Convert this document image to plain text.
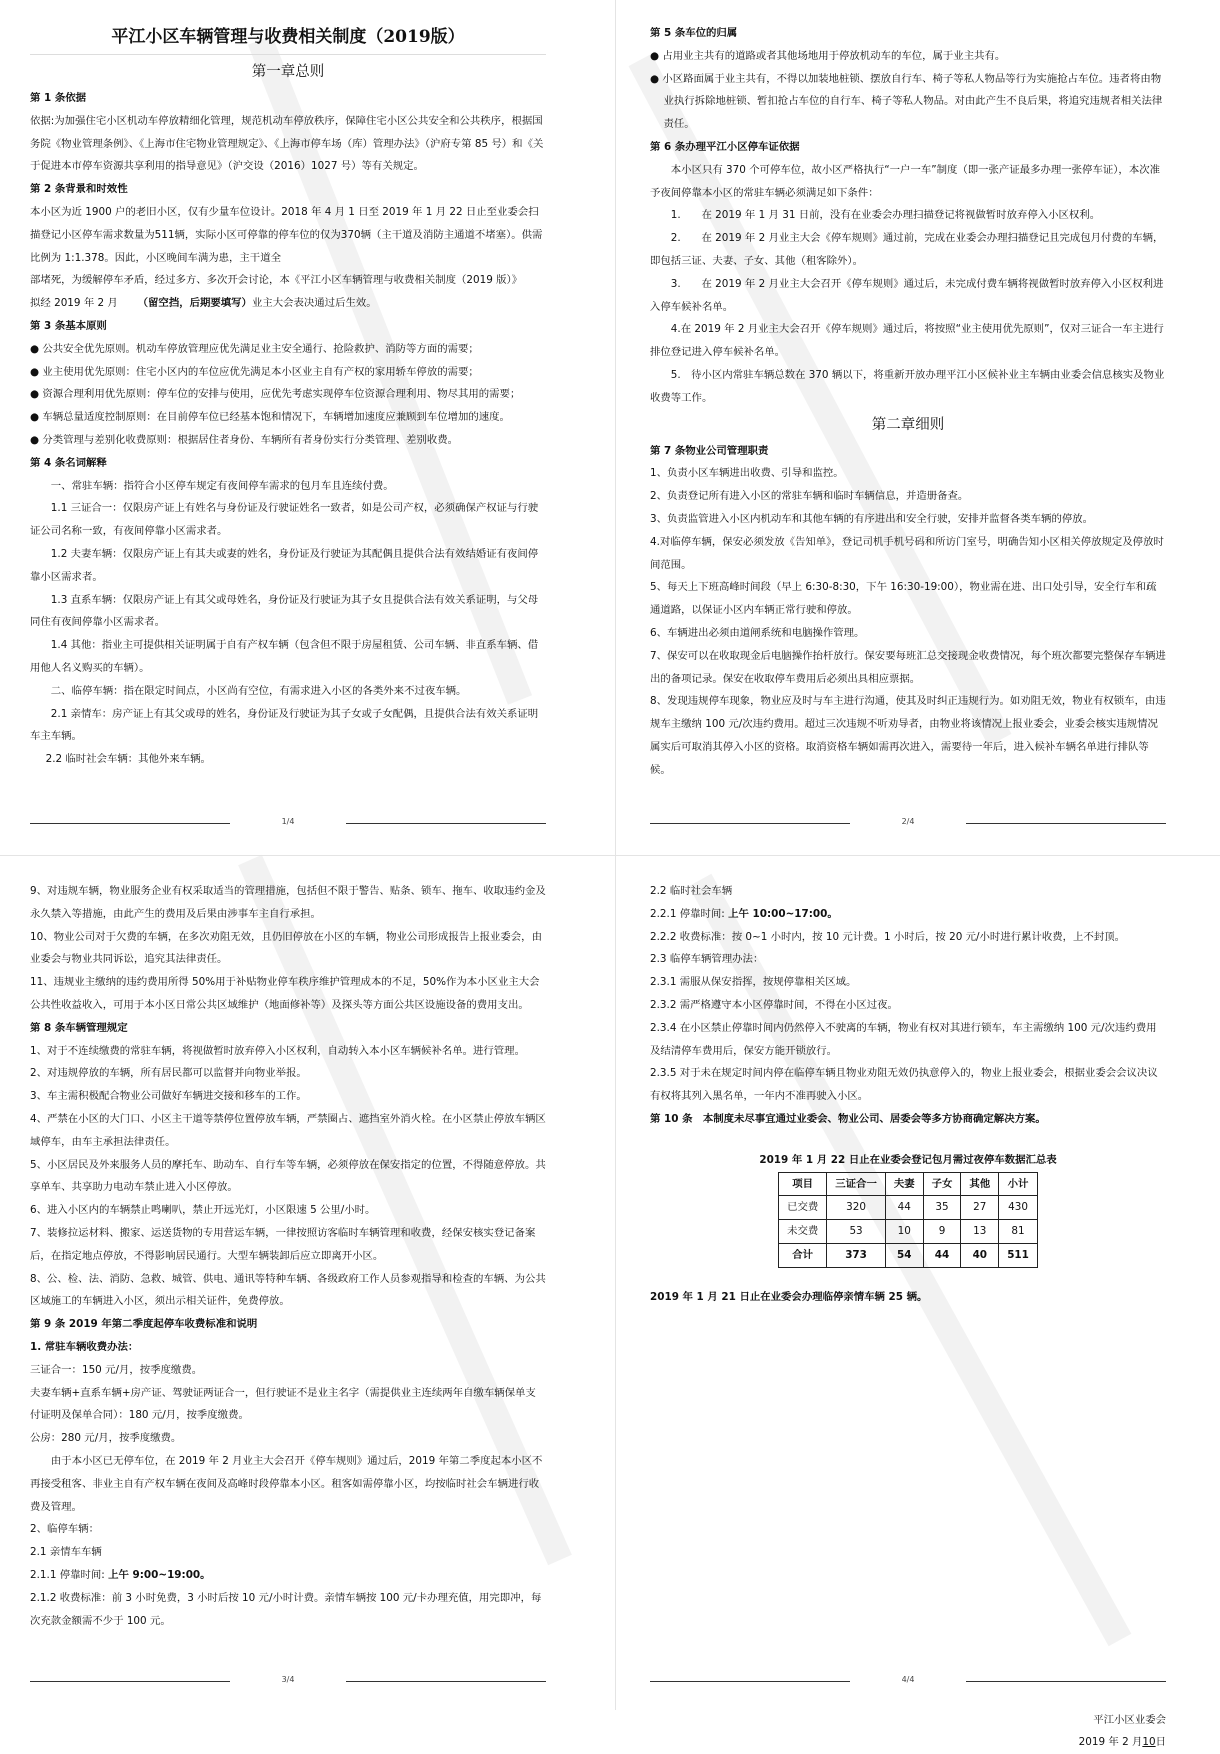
平江小区车辆管理与收费相关制度（2019版）
第一章总则
第 1 条依据
依据:为加强住宅小区机动车停放精细化管理，规范机动车停放秩序，保障住宅小区公共安全和公共秩序，根据国务院《物业管理条例》、《上海市住宅物业管理规定》、《上海市停车场（库）管理办法》（沪府专第 85 号）和《关于促进本市停车资源共享利用的指导意见》（沪交设（2016）1027 号）等有关规定。
第 2 条背景和时效性
本小区为近 1900 户的老旧小区，仅有少量车位设计。2018 年 4 月 1 日至 2019 年 1 月 22 日止至业委会扫描登记小区停车需求数量为511辆，实际小区可停靠的停车位的仅为370辆（主干道及消防主通道不堵塞）。供需比例为 1:1.378。因此，小区晚间车满为患，主干道全
部堵死，为缓解停车矛盾，经过多方、多次开会讨论，本《平江小区车辆管理与收费相关制度（2019 版）》
拟经 2019 年 2 月 （留空挡，后期要填写）业主大会表决通过后生效。
第 3 条基本原则
● 公共安全优先原则。机动车停放管理应优先满足业主安全通行、抢险救护、消防等方面的需要；
● 业主使用优先原则：住宅小区内的车位应优先满足本小区业主自有产权的家用轿车停放的需要；
● 资源合理利用优先原则：停车位的安排与使用，应优先考虑实现停车位资源合理利用、物尽其用的需要；
● 车辆总量适度控制原则：在目前停车位已经基本饱和情况下，车辆增加速度应兼顾到车位增加的速度。
● 分类管理与差别化收费原则：根据居住者身份、车辆所有者身份实行分类管理、差别收费。
第 4 条名词解释
一、常驻车辆：指符合小区停车规定有夜间停车需求的包月车且连续付费。
1.1 三证合一：仅限房产证上有姓名与身份证及行驶证姓名一致者，如是公司产权，必须确保产权证与行驶证公司名称一致，有夜间停靠小区需求者。
1.2 夫妻车辆：仅限房产证上有其夫或妻的姓名，身份证及行驶证为其配偶且提供合法有效结婚证有夜间停靠小区需求者。
1.3 直系车辆：仅限房产证上有其父或母姓名，身份证及行驶证为其子女且提供合法有效关系证明，与父母同住有夜间停靠小区需求者。
1.4 其他：指业主可提供相关证明属于自有产权车辆（包含但不限于房屋租赁、公司车辆、非直系车辆、借用他人名义购买的车辆）。
二、临停车辆：指在限定时间点，小区尚有空位，有需求进入小区的各类外来不过夜车辆。
2.1 亲情车：房产证上有其父或母的姓名，身份证及行驶证为其子女或子女配偶，且提供合法有效关系证明车主车辆。
2.2 临时社会车辆：其他外来车辆。
1/4
第 5 条车位的归属
● 占用业主共有的道路或者其他场地用于停放机动车的车位，属于业主共有。
● 小区路面属于业主共有，不得以加装地桩锁、摆放自行车、椅子等私人物品等行为实施抢占车位。违者将由物业执行拆除地桩锁、暂扣抢占车位的自行车、椅子等私人物品。对由此产生不良后果，将追究违规者相关法律责任。
第 6 条办理平江小区停车证依据
本小区只有 370 个可停车位，故小区严格执行“一户一车”制度（即一张产证最多办理一张停车证），本次准予夜间停靠本小区的常驻车辆必须满足如下条件：
1.　　在 2019 年 1 月 31 日前，没有在业委会办理扫描登记将视做暂时放弃停入小区权利。
2.　　在 2019 年 2 月业主大会《停车规则》通过前，完成在业委会办理扫描登记且完成包月付费的车辆，即包括三证、夫妻、子女、其他（租客除外）。
3.　　在 2019 年 2 月业主大会召开《停车规则》通过后，未完成付费车辆将视做暂时放弃停入小区权利进入停车候补名单。
4.在 2019 年 2 月业主大会召开《停车规则》通过后，将按照“业主使用优先原则”，仅对三证合一车主进行排位登记进入停车候补名单。
5.　待小区内常驻车辆总数在 370 辆以下，将重新开放办理平江小区候补业主车辆由业委会信息核实及物业收费等工作。
第二章细则
第 7 条物业公司管理职责
1、负责小区车辆进出收费、引导和监控。
2、负责登记所有进入小区的常驻车辆和临时车辆信息，并造册备查。
3、负责监管进入小区内机动车和其他车辆的有序进出和安全行驶，安排并监督各类车辆的停放。
4.对临停车辆，保安必须发放《告知单》，登记司机手机号码和所访门室号，明确告知小区相关停放规定及停放时间范围。
5、每天上下班高峰时间段（早上 6:30-8:30，下午 16:30-19:00），物业需在进、出口处引导，安全行车和疏通道路，以保证小区内车辆正常行驶和停放。
6、车辆进出必须由道闸系统和电脑操作管理。
7、保安可以在收取现金后电脑操作抬杆放行。保安要每班汇总交接现金收费情况，每个班次都要完整保存车辆进出的备项记录。保安在收取停车费用后必须出具相应票据。
8、发现违规停车现象，物业应及时与车主进行沟通，使其及时纠正违规行为。如劝阻无效，物业有权锁车，由违规车主缴纳 100 元/次违约费用。超过三次违规不听劝导者，由物业将该情况上报业委会，业委会核实违规情况属实后可取消其停入小区的资格。取消资格车辆如需再次进入，需要待一年后，进入候补车辆名单进行排队等候。
2/4
9、对违规车辆，物业服务企业有权采取适当的管理措施，包括但不限于警告、贴条、锁车、拖车、收取违约金及永久禁入等措施，由此产生的费用及后果由涉事车主自行承担。
10、物业公司对于欠费的车辆，在多次劝阻无效，且仍旧停放在小区的车辆，物业公司形成报告上报业委会，由业委会与物业共同诉讼，追究其法律责任。
11、违规业主缴纳的违约费用所得 50%用于补贴物业停车秩序维护管理成本的不足，50%作为本小区业主大会公共性收益收入，可用于本小区日常公共区域维护（地面修补等）及探头等方面公共区设施设备的费用支出。
第 8 条车辆管理规定
1、对于不连续缴费的常驻车辆，将视做暂时放弃停入小区权利，自动转入本小区车辆候补名单。进行管理。
2、对违规停放的车辆，所有居民都可以监督并向物业举报。
3、车主需积极配合物业公司做好车辆进交接和移车的工作。
4、严禁在小区的大门口、小区主干道等禁停位置停放车辆，严禁圈占、遮挡室外消火栓。在小区禁止停放车辆区域停车，由车主承担法律责任。
5、小区居民及外来服务人员的摩托车、助动车、自行车等车辆，必须停放在保安指定的位置，不得随意停放。共享单车、共享助力电动车禁止进入小区停放。
6、进入小区内的车辆禁止鸣喇叭，禁止开远光灯，小区限速 5 公里/小时。
7、装修拉运材料、搬家、运送货物的专用营运车辆，一律按照访客临时车辆管理和收费，经保安核实登记备案后，在指定地点停放，不得影响居民通行。大型车辆装卸后应立即离开小区。
8、公、检、法、消防、急救、城管、供电、通讯等特种车辆、各级政府工作人员参观指导和检查的车辆、为公共区域施工的车辆进入小区，须出示相关证件，免费停放。
第 9 条 2019 年第二季度起停车收费标准和说明
1. 常驻车辆收费办法：
三证合一：150 元/月，按季度缴费。
夫妻车辆+直系车辆+房产证、驾驶证两证合一，但行驶证不是业主名字（需提供业主连续两年自缴车辆保单支付证明及保单合同）：180 元/月，按季度缴费。
公房：280 元/月，按季度缴费。
由于本小区已无停车位，在 2019 年 2 月业主大会召开《停车规则》通过后，2019 年第二季度起本小区不再接受租客、非业主自有产权车辆在夜间及高峰时段停靠本小区。租客如需停靠小区，均按临时社会车辆进行收费及管理。
2、临停车辆：
2.1 亲情车车辆
2.1.1 停靠时间: 上午 9:00~19:00。
2.1.2 收费标准：前 3 小时免费，3 小时后按 10 元/小时计费。亲情车辆按 100 元/卡办理充值，用完即冲，每次充款金额需不少于 100 元。
3/4
2.2 临时社会车辆
2.2.1 停靠时间: 上午 10:00~17:00。
2.2.2 收费标准：按 0~1 小时内，按 10 元计费。1 小时后，按 20 元/小时进行累计收费，上不封顶。
2.3 临停车辆管理办法：
2.3.1 需服从保安指挥，按规停靠相关区域。
2.3.2 需严格遵守本小区停靠时间，不得在小区过夜。
2.3.4 在小区禁止停靠时间内仍然停入不驶离的车辆，物业有权对其进行锁车，车主需缴纳 100 元/次违约费用及结清停车费用后，保安方能开锁放行。
2.3.5 对于未在规定时间内停在临停车辆且物业劝阻无效仍执意停入的，物业上报业委会，根据业委会会议决议有权将其列入黑名单，一年内不准再驶入小区。
第 10 条　本制度未尽事宜通过业委会、物业公司、居委会等多方协商确定解决方案。
2019 年 1 月 22 日止在业委会登记包月需过夜停车数据汇总表
项目	三证合一	夫妻	子女	其他	小计
已交费	320	44	35	27	430
未交费	53	10	9	13	81
合计	373	54	44	40	511
2019 年 1 月 21 日止在业委会办理临停亲情车辆 25 辆。
平江小区业委会
2019 年 2 月10日
4/4
